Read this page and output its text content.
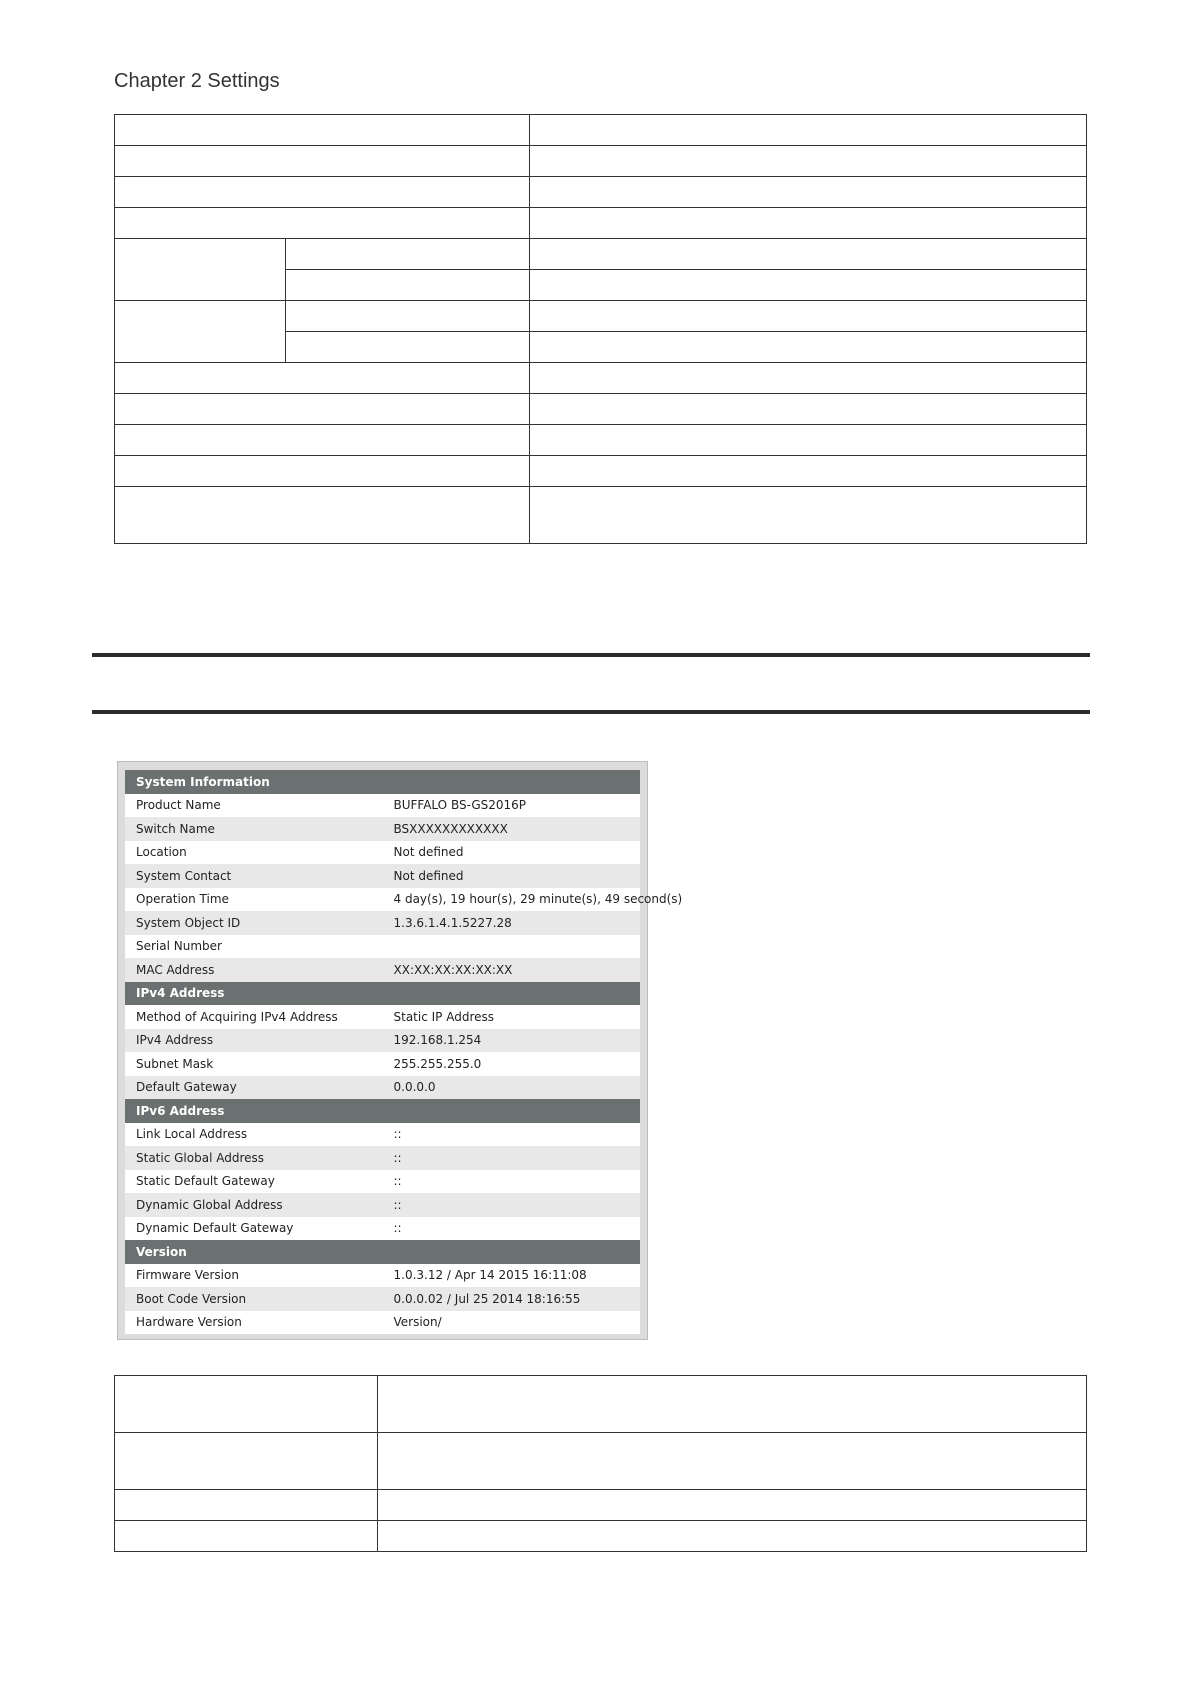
Chapter 2 Settings

System Information	
Product Name	BUFFALO BS-GS2016P
Switch Name	BSXXXXXXXXXXXX
Location	Not defined
System Contact	Not defined
Operation Time	4 day(s), 19 hour(s), 29 minute(s), 49 second(s)
System Object ID	1.3.6.1.4.1.5227.28
Serial Number	
MAC Address	XX:XX:XX:XX:XX:XX
IPv4 Address	
Method of Acquiring IPv4 Address	Static IP Address
IPv4 Address	192.168.1.254
Subnet Mask	255.255.255.0
Default Gateway	0.0.0.0
IPv6 Address	
Link Local Address	::
Static Global Address	::
Static Default Gateway	::
Dynamic Global Address	::
Dynamic Default Gateway	::
Version	
Firmware Version	1.0.3.12 / Apr 14 2015 16:11:08
Boot Code Version	0.0.0.02 / Jul 25 2014 18:16:55
Hardware Version	Version/
